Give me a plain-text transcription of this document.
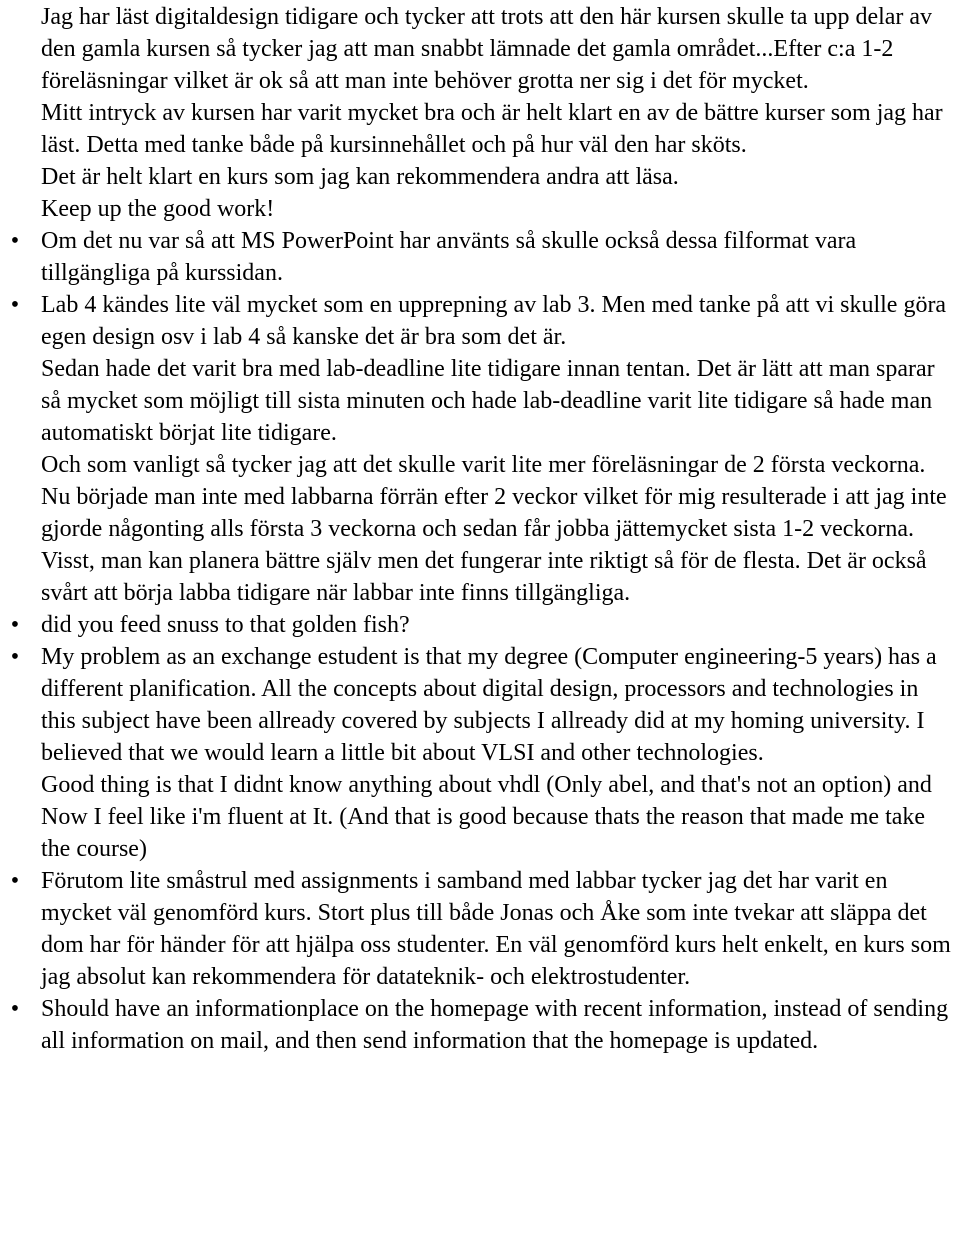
Jag har läst digitaldesign tidigare och tycker att trots att den här kursen skulle ta upp delar av den gamla kursen så tycker jag att man snabbt lämnade det gamla området...Efter c:a 1-2 föreläsningar vilket är ok så att man inte behöver grotta ner sig i det för mycket.
Mitt intryck av kursen har varit mycket bra och är helt klart en av de bättre kurser som jag har läst. Detta med tanke både på kursinnehållet och på hur väl den har sköts.
Det är helt klart en kurs som jag kan rekommendera andra att läsa.
Keep up the good work!
• Om det nu var så att MS PowerPoint har använts så skulle också dessa filformat vara tillgängliga på kurssidan.
• Lab 4 kändes lite väl mycket som en upprepning av lab 3. Men med tanke på att vi skulle göra egen design osv i lab 4 så kanske det är bra som det är.
Sedan hade det varit bra med lab-deadline lite tidigare innan tentan. Det är lätt att man sparar så mycket som möjligt till sista minuten och hade lab-deadline varit lite tidigare så hade man automatiskt börjat lite tidigare.
Och som vanligt så tycker jag att det skulle varit lite mer föreläsningar de 2 första veckorna. Nu började man inte med labbarna förrän efter 2 veckor vilket för mig resulterade i att jag inte gjorde någonting alls första 3 veckorna och sedan får jobba jättemycket sista 1-2 veckorna. Visst, man kan planera bättre själv men det fungerar inte riktigt så för de flesta. Det är också svårt att börja labba tidigare när labbar inte finns tillgängliga.
• did you feed snuss to that golden fish?
• My problem as an exchange estudent is that my degree (Computer engineering-5 years) has a different planification. All the concepts about digital design, processors and technologies in this subject have been allready covered by subjects I allready did at my homing university. I believed that we would learn a little bit about VLSI and other technologies.
Good thing is that I didnt know anything about vhdl (Only abel, and that's not an option) and Now I feel like i'm fluent at It. (And that is good because thats the reason that made me take the course)
• Förutom lite småstrul med assignments i samband med labbar tycker jag det har varit en mycket väl genomförd kurs. Stort plus till både Jonas och Åke som inte tvekar att släppa det dom har för händer för att hjälpa oss studenter. En väl genomförd kurs helt enkelt, en kurs som jag absolut kan rekommendera för datateknik- och elektrostudenter.
• Should have an informationplace on the homepage with recent information, instead of sending all information on mail, and then send information that the homepage is updated.
